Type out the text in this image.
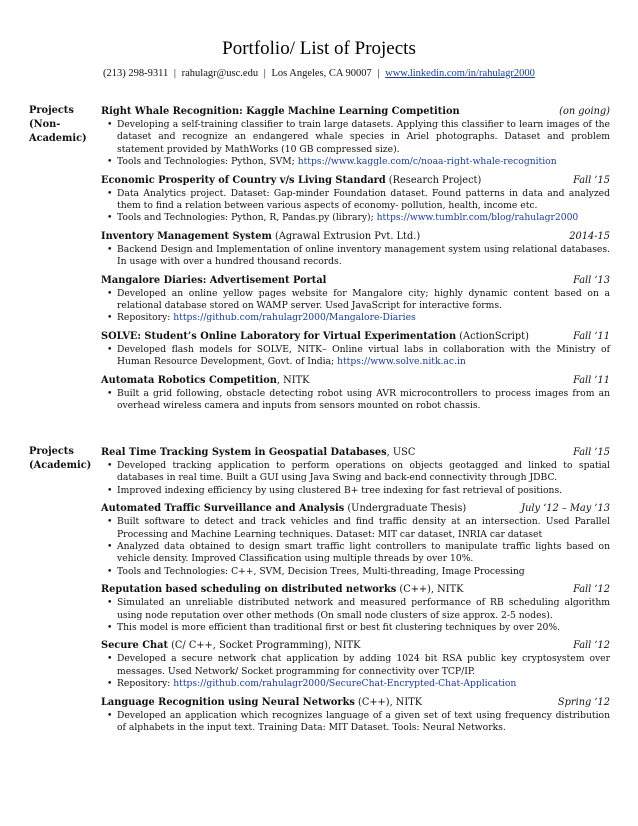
Portfolio/ List of Projects
(213) 298-9311 | rahulagr@usc.edu | Los Angeles, CA 90007 | www.linkedin.com/in/rahulagr2000
Projects (Non-Academic)
Right Whale Recognition: Kaggle Machine Learning Competition	(on going)
• Developing a self-training classifier to train large datasets. Applying this classifier to learn images of the dataset and recognize an endangered whale species in Ariel photographs. Dataset and problem statement provided by MathWorks (10 GB compressed size).
• Tools and Technologies: Python, SVM; https://www.kaggle.com/c/noaa-right-whale-recognition
Economic Prosperity of Country v/s Living Standard (Research Project)	Fall ‘15
• Data Analytics project. Dataset: Gap-minder Foundation dataset. Found patterns in data and analyzed them to find a relation between various aspects of economy- pollution, health, income etc.
• Tools and Technologies: Python, R, Pandas.py (library); https://www.tumblr.com/blog/rahulagr2000
Inventory Management System (Agrawal Extrusion Pvt. Ltd.)	2014-15
• Backend Design and Implementation of online inventory management system using relational databases. In usage with over a hundred thousand records.
Mangalore Diaries: Advertisement Portal	Fall ‘13
• Developed an online yellow pages website for Mangalore city; highly dynamic content based on a relational database stored on WAMP server. Used JavaScript for interactive forms.
• Repository: https://github.com/rahulagr2000/Mangalore-Diaries
SOLVE: Student’s Online Laboratory for Virtual Experimentation (ActionScript)	Fall ‘11
• Developed flash models for SOLVE, NITK– Online virtual labs in collaboration with the Ministry of Human Resource Development, Govt. of India; https://www.solve.nitk.ac.in
Automata Robotics Competition, NITK	Fall ‘11
• Built a grid following, obstacle detecting robot using AVR microcontrollers to process images from an overhead wireless camera and inputs from sensors mounted on robot chassis.
Projects (Academic)
Real Time Tracking System in Geospatial Databases, USC	Fall ‘15
• Developed tracking application to perform operations on objects geotagged and linked to spatial databases in real time. Built a GUI using Java Swing and back-end connectivity through JDBC.
• Improved indexing efficiency by using clustered B+ tree indexing for fast retrieval of positions.
Automated Traffic Surveillance and Analysis (Undergraduate Thesis)	July ‘12 – May ‘13
• Built software to detect and track vehicles and find traffic density at an intersection. Used Parallel Processing and Machine Learning techniques. Dataset: MIT car dataset, INRIA car dataset
• Analyzed data obtained to design smart traffic light controllers to manipulate traffic lights based on vehicle density. Improved Classification using multiple threads by over 10%.
• Tools and Technologies: C++, SVM, Decision Trees, Multi-threading, Image Processing
Reputation based scheduling on distributed networks (C++), NITK	Fall ‘12
• Simulated an unreliable distributed network and measured performance of RB scheduling algorithm using node reputation over other methods (On small node clusters of size approx. 2-5 nodes).
• This model is more efficient than traditional first or best fit clustering techniques by over 20%.
Secure Chat (C/ C++, Socket Programming), NITK	Fall ‘12
• Developed a secure network chat application by adding 1024 bit RSA public key cryptosystem over messages. Used Network/ Socket programming for connectivity over TCP/IP.
• Repository: https://github.com/rahulagr2000/SecureChat-Encrypted-Chat-Application
Language Recognition using Neural Networks (C++), NITK	Spring ‘12
• Developed an application which recognizes language of a given set of text using frequency distribution of alphabets in the input text. Training Data: MIT Dataset. Tools: Neural Networks.
